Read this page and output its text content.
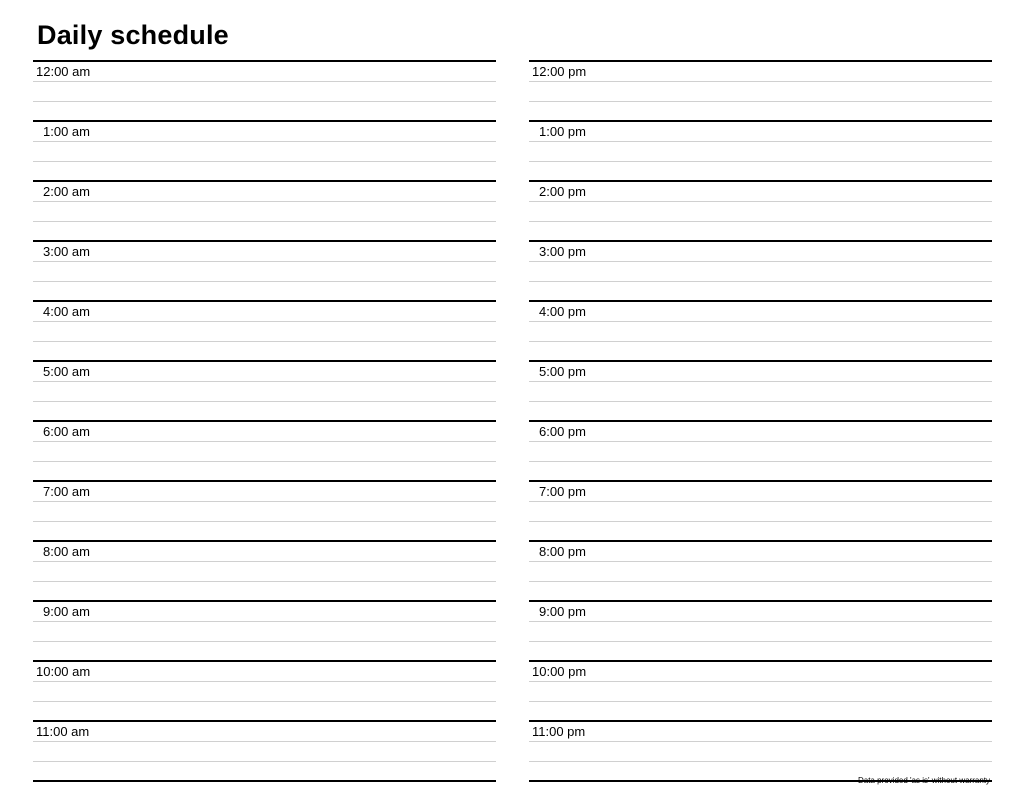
Daily schedule
12:00 am
1:00 am
2:00 am
3:00 am
4:00 am
5:00 am
6:00 am
7:00 am
8:00 am
9:00 am
10:00 am
11:00 am
12:00 pm
1:00 pm
2:00 pm
3:00 pm
4:00 pm
5:00 pm
6:00 pm
7:00 pm
8:00 pm
9:00 pm
10:00 pm
11:00 pm
Data provided 'as is' without warranty
